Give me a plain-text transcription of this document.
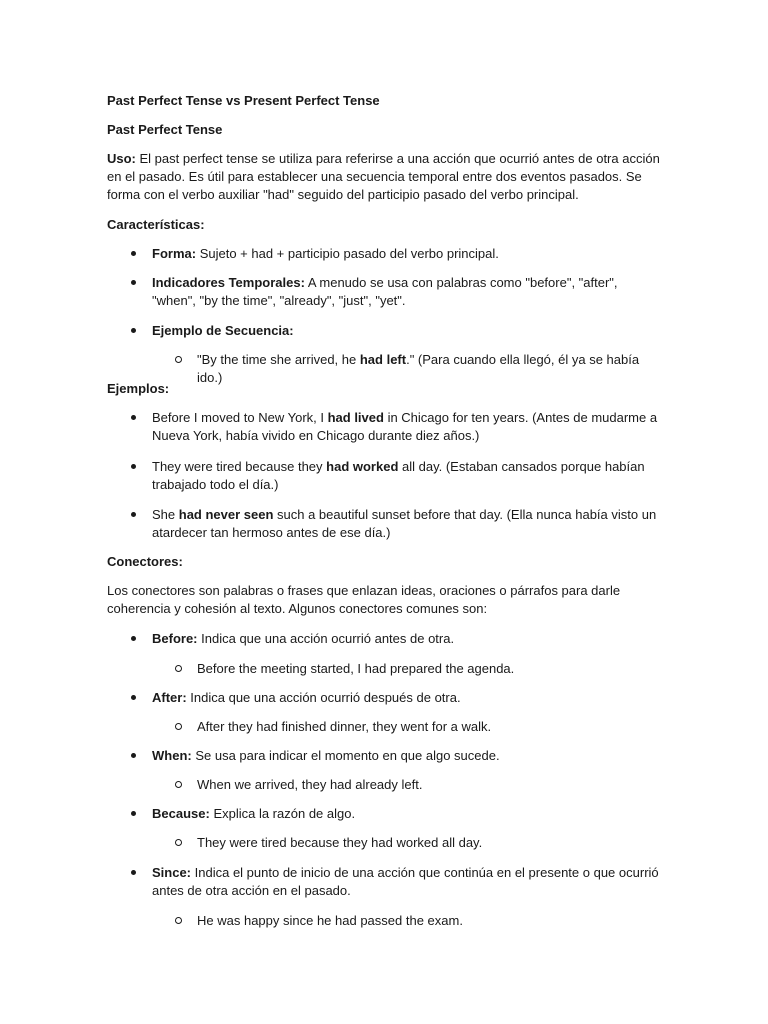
Past Perfect Tense vs Present Perfect Tense

Past Perfect Tense

Uso: El past perfect tense se utiliza para referirse a una acción que ocurrió antes de otra acción en el pasado. Es útil para establecer una secuencia temporal entre dos eventos pasados. Se forma con el verbo auxiliar "had" seguido del participio pasado del verbo principal.

Características:

Forma: Sujeto + had + participio pasado del verbo principal.

Indicadores Temporales: A menudo se usa con palabras como "before", "after", "when", "by the time", "already", "just", "yet".

Ejemplo de Secuencia:

"By the time she arrived, he had left." (Para cuando ella llegó, él ya se había ido.)

Ejemplos:

Before I moved to New York, I had lived in Chicago for ten years. (Antes de mudarme a Nueva York, había vivido en Chicago durante diez años.)

They were tired because they had worked all day. (Estaban cansados porque habían trabajado todo el día.)

She had never seen such a beautiful sunset before that day. (Ella nunca había visto un atardecer tan hermoso antes de ese día.)

Conectores:

Los conectores son palabras o frases que enlazan ideas, oraciones o párrafos para darle coherencia y cohesión al texto. Algunos conectores comunes son:

Before: Indica que una acción ocurrió antes de otra.

Before the meeting started, I had prepared the agenda.

After: Indica que una acción ocurrió después de otra.

After they had finished dinner, they went for a walk.

When: Se usa para indicar el momento en que algo sucede.

When we arrived, they had already left.

Because: Explica la razón de algo.

They were tired because they had worked all day.

Since: Indica el punto de inicio de una acción que continúa en el presente o que ocurrió antes de otra acción en el pasado.

He was happy since he had passed the exam.
